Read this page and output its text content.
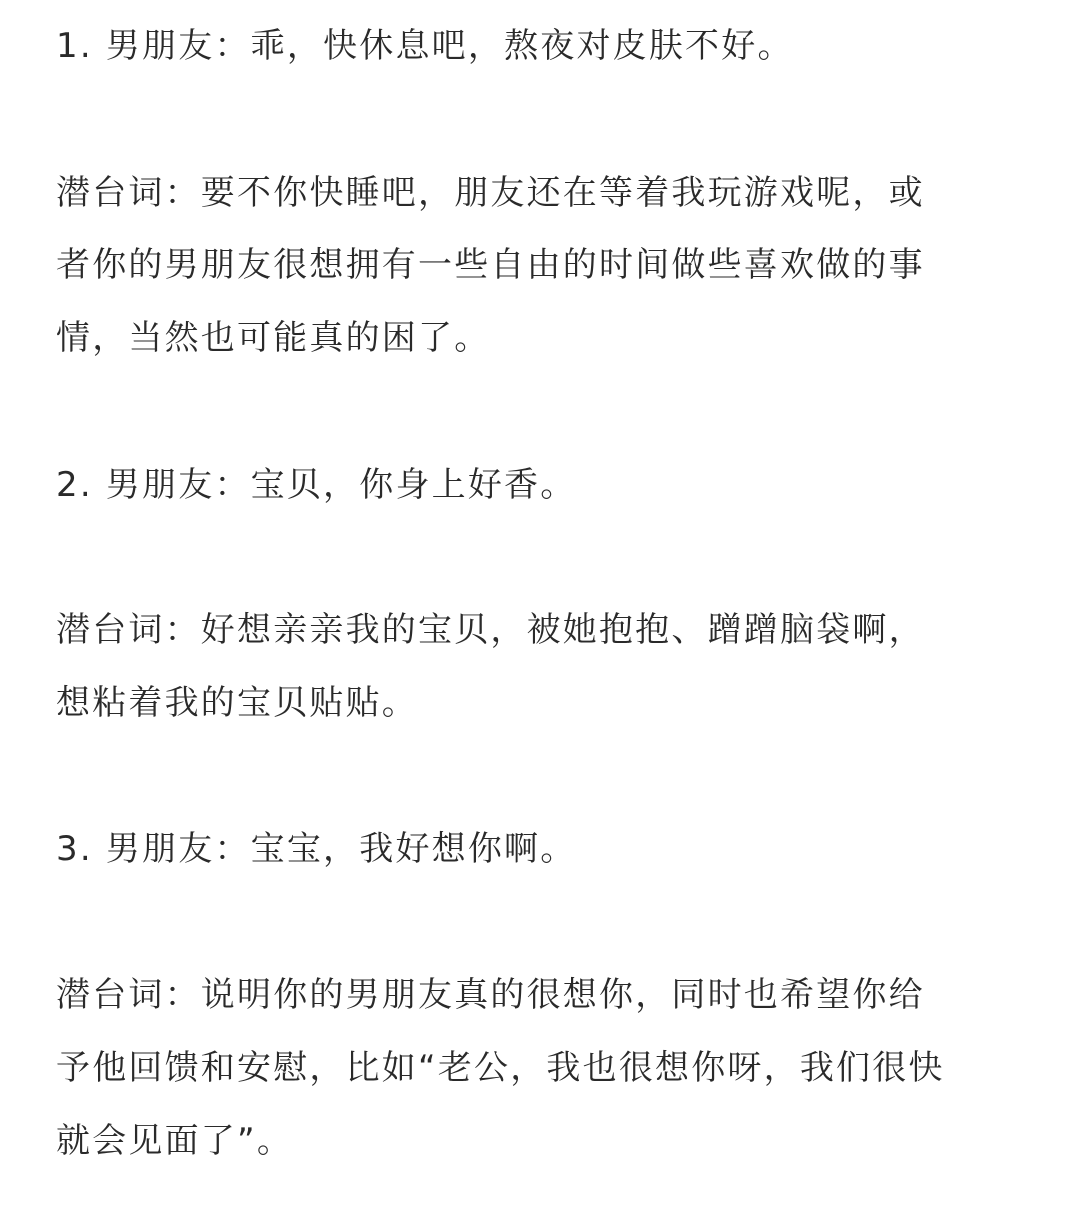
1. 男朋友：乖，快休息吧，熬夜对皮肤不好。
潜台词：要不你快睡吧，朋友还在等着我玩游戏呢，或
者你的男朋友很想拥有一些自由的时间做些喜欢做的事
情，当然也可能真的困了。
2. 男朋友：宝贝，你身上好香。
潜台词：好想亲亲我的宝贝，被她抱抱、蹭蹭脑袋啊，
想粘着我的宝贝贴贴。
3. 男朋友：宝宝，我好想你啊。
潜台词：说明你的男朋友真的很想你，同时也希望你给
予他回馈和安慰，比如“老公，我也很想你呀，我们很快
就会见面了”。
